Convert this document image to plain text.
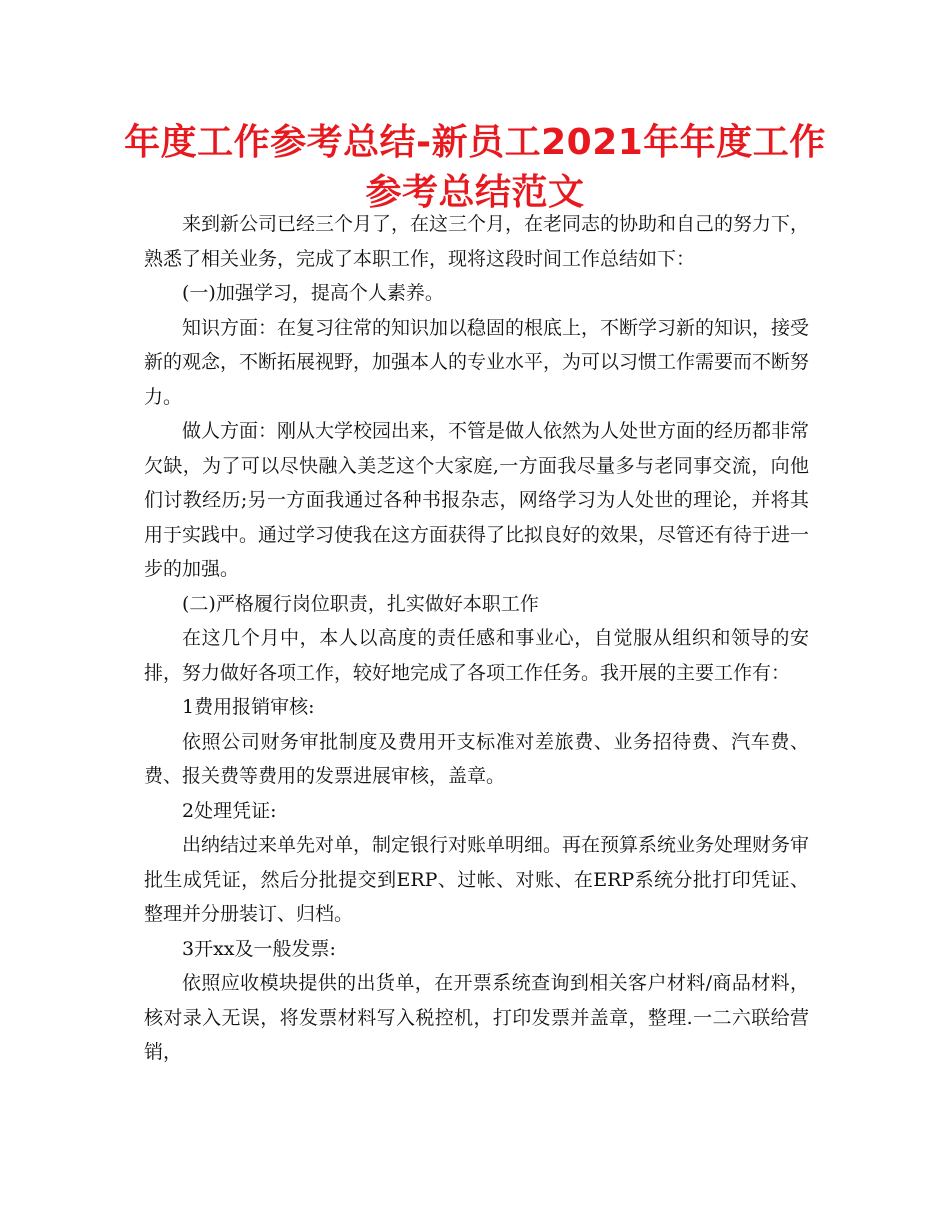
年度工作参考总结-新员工2021年年度工作参考总结范文

来到新公司已经三个月了，在这三个月，在老同志的协助和自己的努力下，熟悉了相关业务，完成了本职工作，现将这段时间工作总结如下：

(一)加强学习，提高个人素养。

知识方面：在复习往常的知识加以稳固的根底上，不断学习新的知识，接受新的观念，不断拓展视野，加强本人的专业水平，为可以习惯工作需要而不断努力。

做人方面：刚从大学校园出来，不管是做人依然为人处世方面的经历都非常欠缺，为了可以尽快融入美芝这个大家庭,一方面我尽量多与老同事交流，向他们讨教经历;另一方面我通过各种书报杂志，网络学习为人处世的理论，并将其用于实践中。通过学习使我在这方面获得了比拟良好的效果，尽管还有待于进一步的加强。

(二)严格履行岗位职责，扎实做好本职工作

在这几个月中，本人以高度的责任感和事业心，自觉服从组织和领导的安排，努力做好各项工作，较好地完成了各项工作任务。我开展的主要工作有：

1费用报销审核:

依照公司财务审批制度及费用开支标准对差旅费、业务招待费、汽车费、费、报关费等费用的发票进展审核，盖章。

2处理凭证:

出纳结过来单先对单，制定银行对账单明细。再在预算系统业务处理财务审批生成凭证，然后分批提交到ERP、过帐、对账、在ERP系统分批打印凭证、整理并分册装订、归档。

3开xx及一般发票:

依照应收模块提供的出货单，在开票系统查询到相关客户材料/商品材料，核对录入无误，将发票材料写入税控机，打印发票并盖章，整理.一二六联给营销，
